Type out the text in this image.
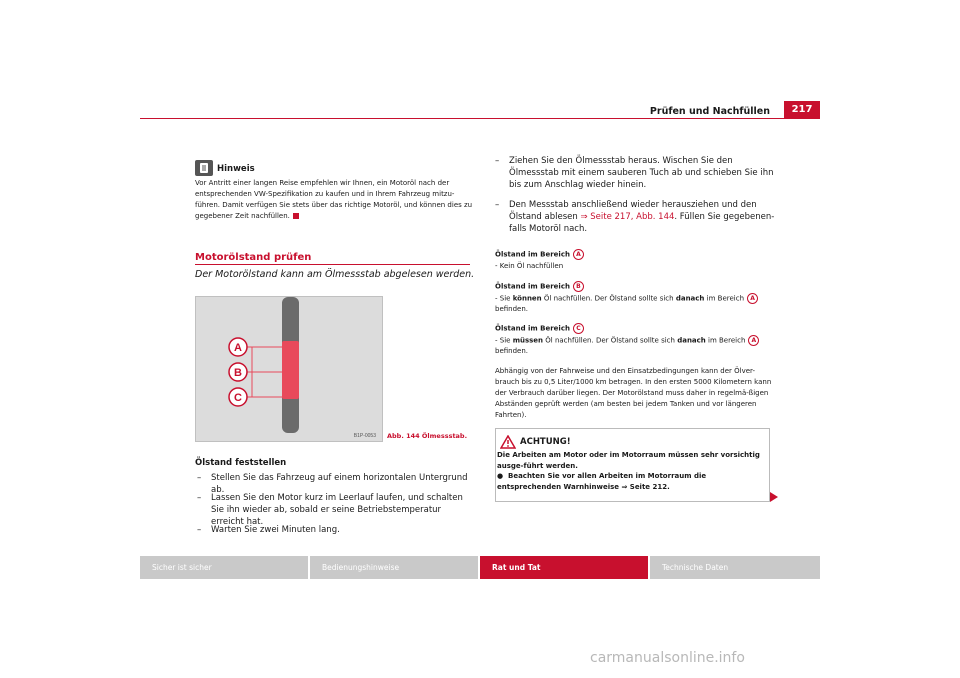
Prüfen und Nachfüllen	217
Hinweis
Vor Antritt einer langen Reise empfehlen wir Ihnen, ein Motoröl nach der entsprechenden VW-Spezifikation zu kaufen und in Ihrem Fahrzeug mitzu-führen. Damit verfügen Sie stets über das richtige Motoröl, und können dies zu gegebener Zeit nachfüllen.
Motorölstand prüfen
Der Motorölstand kann am Ölmessstab abgelesen werden.
A
B
C
B1P-0053 Abb. 144 Ölmessstab.
Ölstand feststellen
– Stellen Sie das Fahrzeug auf einem horizontalen Untergrund ab.
– Lassen Sie den Motor kurz im Leerlauf laufen, und schalten Sie ihn wieder ab, sobald er seine Betriebstemperatur erreicht hat.
– Warten Sie zwei Minuten lang.
– Ziehen Sie den Ölmessstab heraus. Wischen Sie den Ölmessstab mit einem sauberen Tuch ab und schieben Sie ihn bis zum Anschlag wieder hinein.
– Den Messstab anschließend wieder herausziehen und den Ölstand ablesen ⇒ Seite 217, Abb. 144. Füllen Sie gegebenen-falls Motoröl nach.
Ölstand im Bereich A
- Kein Öl nachfüllen
Ölstand im Bereich B
- Sie können Öl nachfüllen. Der Ölstand sollte sich danach im Bereich A befinden.
Ölstand im Bereich C
- Sie müssen Öl nachfüllen. Der Ölstand sollte sich danach im Bereich A befinden.
Abhängig von der Fahrweise und den Einsatzbedingungen kann der Ölver-brauch bis zu 0,5 Liter/1000 km betragen. In den ersten 5000 Kilometern kann der Verbrauch darüber liegen. Der Motorölstand muss daher in regelmä-ßigen Abständen geprüft werden (am besten bei jedem Tanken und vor längeren Fahrten).
ACHTUNG!
Die Arbeiten am Motor oder im Motorraum müssen sehr vorsichtig ausge-führt werden.
● Beachten Sie vor allen Arbeiten im Motorraum die entsprechenden Warnhinweise ⇒ Seite 212.
Sicher ist sicher	Bedienungshinweise	Rat und Tat	Technische Daten
carmanualsonline.info
